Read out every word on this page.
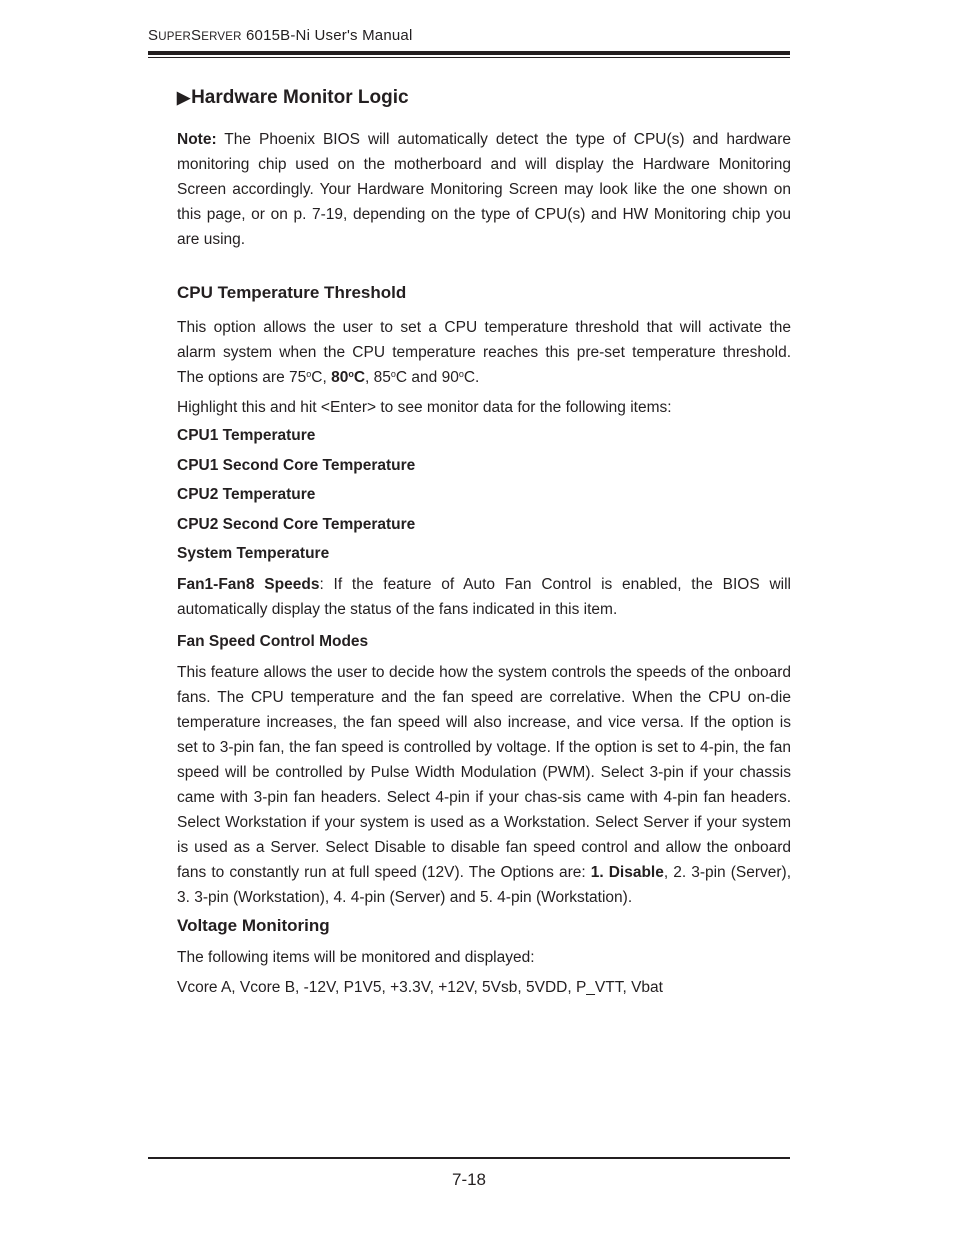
SUPERSERVER 6015B-Ni User's Manual
▶Hardware Monitor Logic

Note: The Phoenix BIOS will automatically detect the type of CPU(s) and hardware monitoring chip used on the motherboard and will display the Hardware Monitoring Screen accordingly. Your Hardware Monitoring Screen may look like the one shown on this page, or on p. 7-19, depending on the type of CPU(s) and HW Monitoring chip you are using.

CPU Temperature Threshold

This option allows the user to set a CPU temperature threshold that will activate the alarm system when the CPU temperature reaches this pre-set temperature threshold. The options are 75$^o$C, 80$^o$C, 85$^o$C and 90$^o$C.

Highlight this and hit <Enter> to see monitor data for the following items:

CPU1 Temperature
CPU1 Second Core Temperature
CPU2 Temperature
CPU2 Second Core Temperature
System Temperature

Fan1-Fan8 Speeds: If the feature of Auto Fan Control is enabled, the BIOS will automatically display the status of the fans indicated in this item.

Fan Speed Control Modes

This feature allows the user to decide how the system controls the speeds of the onboard fans. The CPU temperature and the fan speed are correlative. When the CPU on-die temperature increases, the fan speed will also increase, and vice versa. If the option is set to 3-pin fan, the fan speed is controlled by voltage. If the option is set to 4-pin, the fan speed will be controlled by Pulse Width Modulation (PWM). Select 3-pin if your chassis came with 3-pin fan headers. Select 4-pin if your chas-sis came with 4-pin fan headers. Select Workstation if your system is used as a Workstation. Select Server if your system is used as a Server. Select Disable to disable fan speed control and allow the onboard fans to constantly run at full speed (12V). The Options are: 1. Disable, 2. 3-pin (Server), 3. 3-pin (Workstation), 4. 4-pin (Server) and 5. 4-pin (Workstation).

Voltage Monitoring

The following items will be monitored and displayed:

Vcore A, Vcore B, -12V, P1V5, +3.3V, +12V, 5Vsb, 5VDD, P_VTT, Vbat

7-18
